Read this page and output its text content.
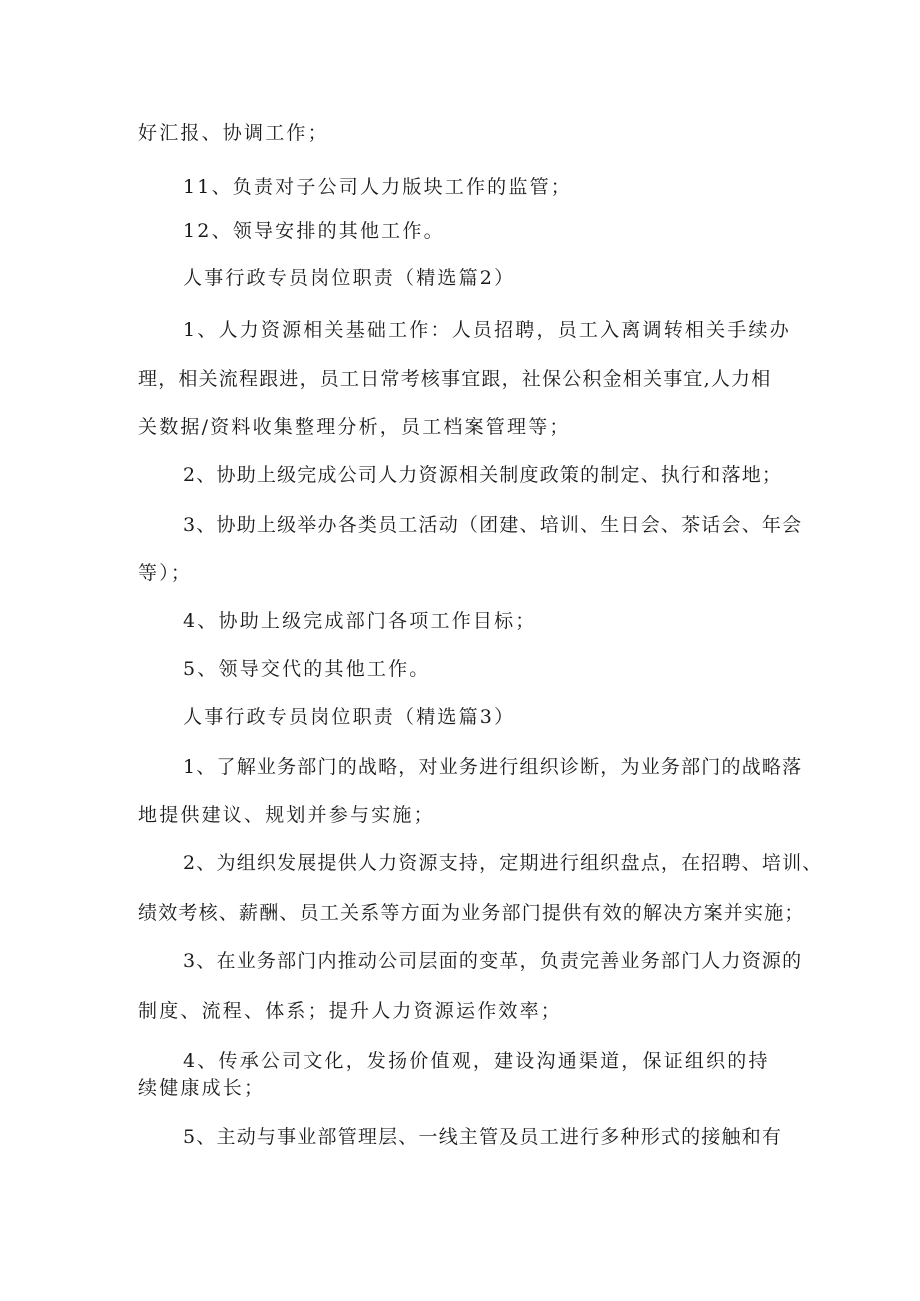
好汇报、协调工作；

11、负责对子公司人力版块工作的监管；

12、领导安排的其他工作。

人事行政专员岗位职责（精选篇2）

1、人力资源相关基础工作：人员招聘，员工入离调转相关手续办

理，相关流程跟进，员工日常考核事宜跟，社保公积金相关事宜,人力相

关数据/资料收集整理分析，员工档案管理等；

2、协助上级完成公司人力资源相关制度政策的制定、执行和落地；

3、协助上级举办各类员工活动（团建、培训、生日会、茶话会、年会

等）；

4、协助上级完成部门各项工作目标；

5、领导交代的其他工作。

人事行政专员岗位职责（精选篇3）

1、了解业务部门的战略，对业务进行组织诊断，为业务部门的战略落

地提供建议、规划并参与实施；

2、为组织发展提供人力资源支持，定期进行组织盘点，在招聘、培训、

绩效考核、薪酬、员工关系等方面为业务部门提供有效的解决方案并实施；

3、在业务部门内推动公司层面的变革，负责完善业务部门人力资源的

制度、流程、体系；提升人力资源运作效率；

4、传承公司文化，发扬价值观，建设沟通渠道，保证组织的持

续健康成长；

5、主动与事业部管理层、一线主管及员工进行多种形式的接触和有
